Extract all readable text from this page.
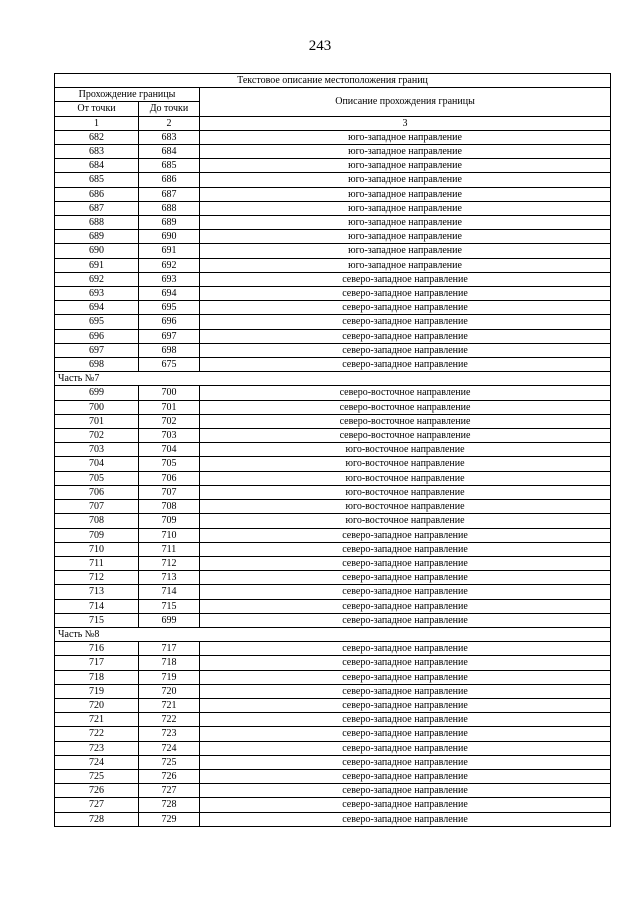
243
Текстовое описание местоположения границ		
Прохождение границы		Описание прохождения границы
От точки	До точки	
1	2	3
682	683	юго-западное направление
683	684	юго-западное направление
684	685	юго-западное направление
685	686	юго-западное направление
686	687	юго-западное направление
687	688	юго-западное направление
688	689	юго-западное направление
689	690	юго-западное направление
690	691	юго-западное направление
691	692	юго-западное направление
692	693	северо-западное направление
693	694	северо-западное направление
694	695	северо-западное направление
695	696	северо-западное направление
696	697	северо-западное направление
697	698	северо-западное направление
698	675	северо-западное направление
Часть №7		
699	700	северо-восточное направление
700	701	северо-восточное направление
701	702	северо-восточное направление
702	703	северо-восточное направление
703	704	юго-восточное направление
704	705	юго-восточное направление
705	706	юго-восточное направление
706	707	юго-восточное направление
707	708	юго-восточное направление
708	709	юго-восточное направление
709	710	северо-западное направление
710	711	северо-западное направление
711	712	северо-западное направление
712	713	северо-западное направление
713	714	северо-западное направление
714	715	северо-западное направление
715	699	северо-западное направление
Часть №8		
716	717	северо-западное направление
717	718	северо-западное направление
718	719	северо-западное направление
719	720	северо-западное направление
720	721	северо-западное направление
721	722	северо-западное направление
722	723	северо-западное направление
723	724	северо-западное направление
724	725	северо-западное направление
725	726	северо-западное направление
726	727	северо-западное направление
727	728	северо-западное направление
728	729	северо-западное направление
